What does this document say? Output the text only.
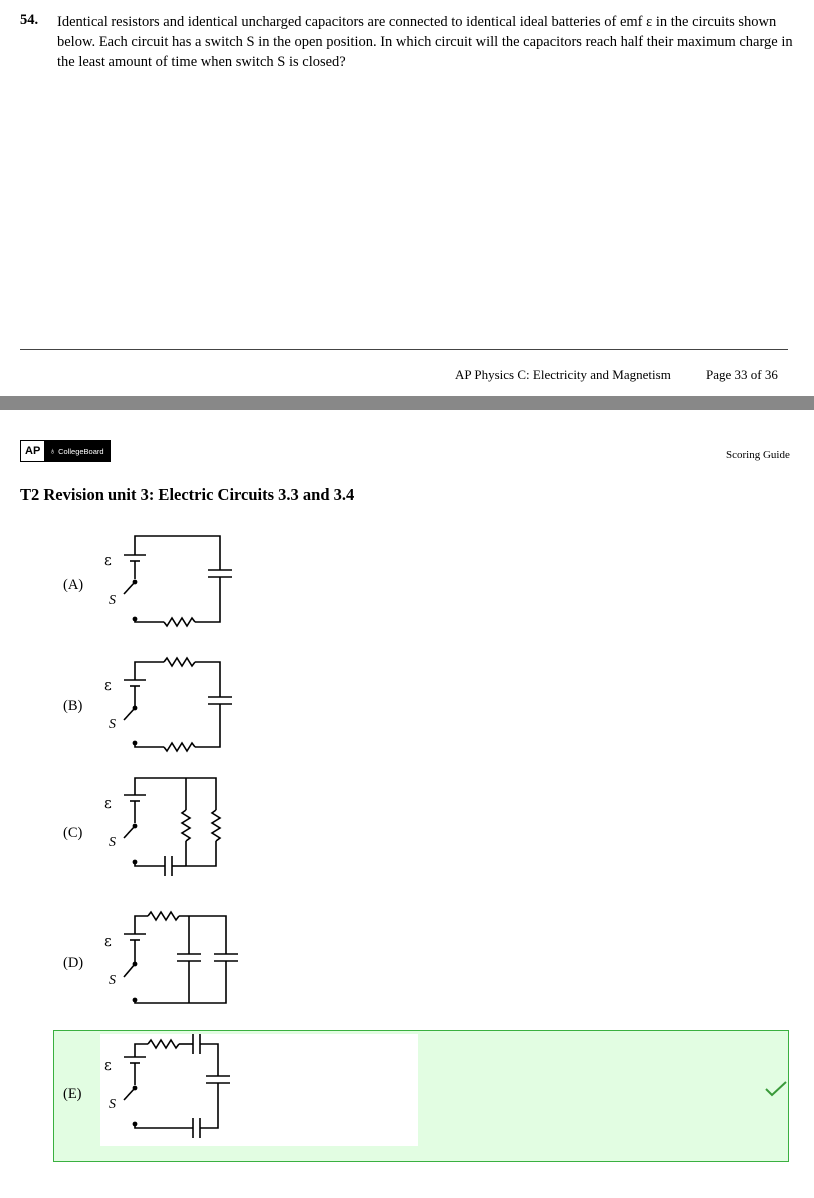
54. Identical resistors and identical uncharged capacitors are connected to identical ideal batteries of emf ε in the circuits shown below. Each circuit has a switch S in the open position. In which circuit will the capacitors reach half their maximum charge in the least amount of time when switch S is closed?
AP Physics C: Electricity and Magnetism	Page 33 of 36
AP	♁ CollegeBoard	Scoring Guide
T2 Revision unit 3: Electric Circuits 3.3 and 3.4
(A)
(B)
(C)
(D)
(E)
ε
S
ε
S
ε
S
ε
S
ε
S
